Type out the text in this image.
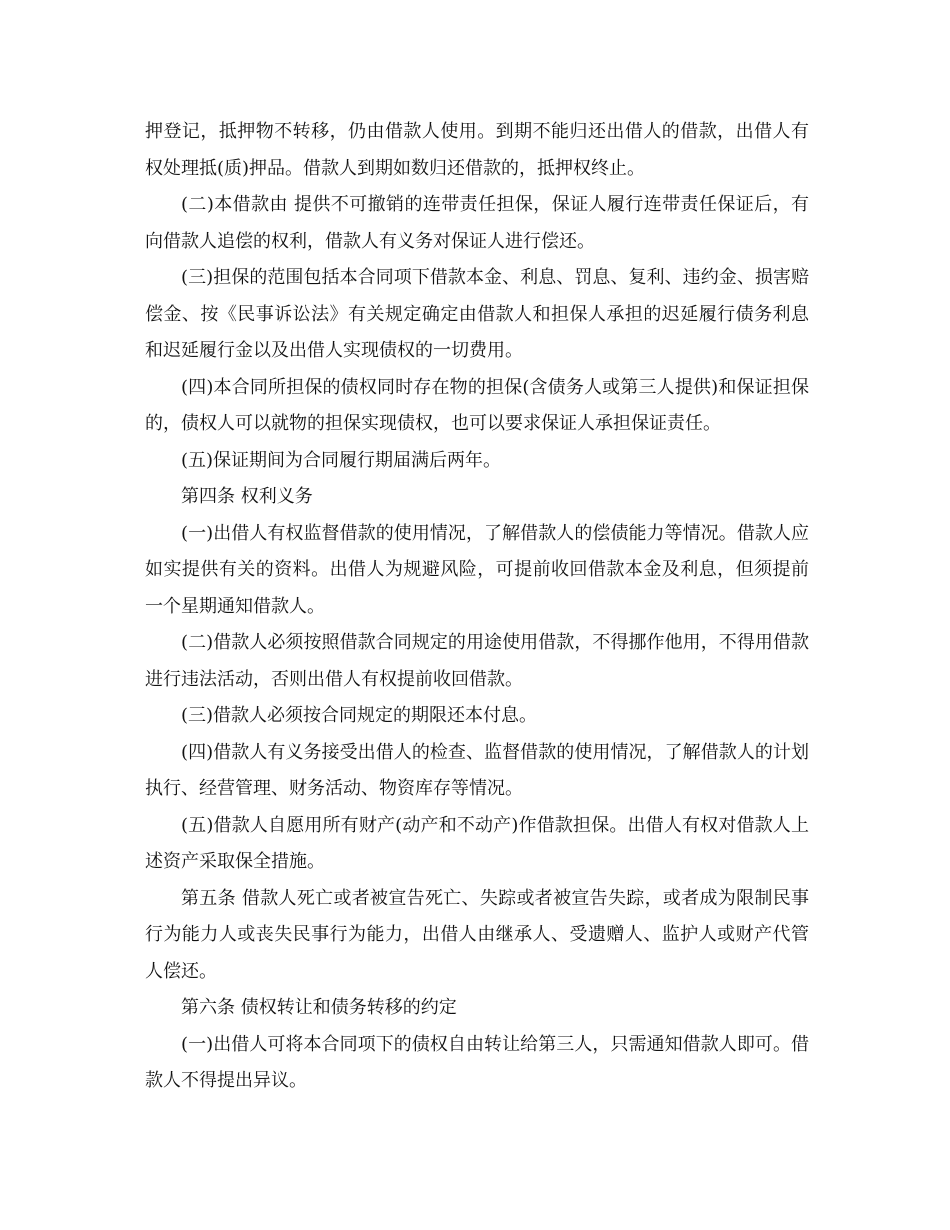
押登记，抵押物不转移，仍由借款人使用。到期不能归还出借人的借款，出借人有权处理抵(质)押品。借款人到期如数归还借款的，抵押权终止。

(二)本借款由 提供不可撤销的连带责任担保，保证人履行连带责任保证后，有向借款人追偿的权利，借款人有义务对保证人进行偿还。

(三)担保的范围包括本合同项下借款本金、利息、罚息、复利、违约金、损害赔偿金、按《民事诉讼法》有关规定确定由借款人和担保人承担的迟延履行债务利息和迟延履行金以及出借人实现债权的一切费用。

(四)本合同所担保的债权同时存在物的担保(含债务人或第三人提供)和保证担保的，债权人可以就物的担保实现债权，也可以要求保证人承担保证责任。

(五)保证期间为合同履行期届满后两年。

第四条 权利义务

(一)出借人有权监督借款的使用情况，了解借款人的偿债能力等情况。借款人应如实提供有关的资料。出借人为规避风险，可提前收回借款本金及利息，但须提前一个星期通知借款人。

(二)借款人必须按照借款合同规定的用途使用借款，不得挪作他用，不得用借款进行违法活动，否则出借人有权提前收回借款。

(三)借款人必须按合同规定的期限还本付息。

(四)借款人有义务接受出借人的检查、监督借款的使用情况，了解借款人的计划执行、经营管理、财务活动、物资库存等情况。

(五)借款人自愿用所有财产(动产和不动产)作借款担保。出借人有权对借款人上述资产采取保全措施。

第五条 借款人死亡或者被宣告死亡、失踪或者被宣告失踪，或者成为限制民事行为能力人或丧失民事行为能力，出借人由继承人、受遗赠人、监护人或财产代管人偿还。

第六条 债权转让和债务转移的约定

(一)出借人可将本合同项下的债权自由转让给第三人，只需通知借款人即可。借款人不得提出异议。
